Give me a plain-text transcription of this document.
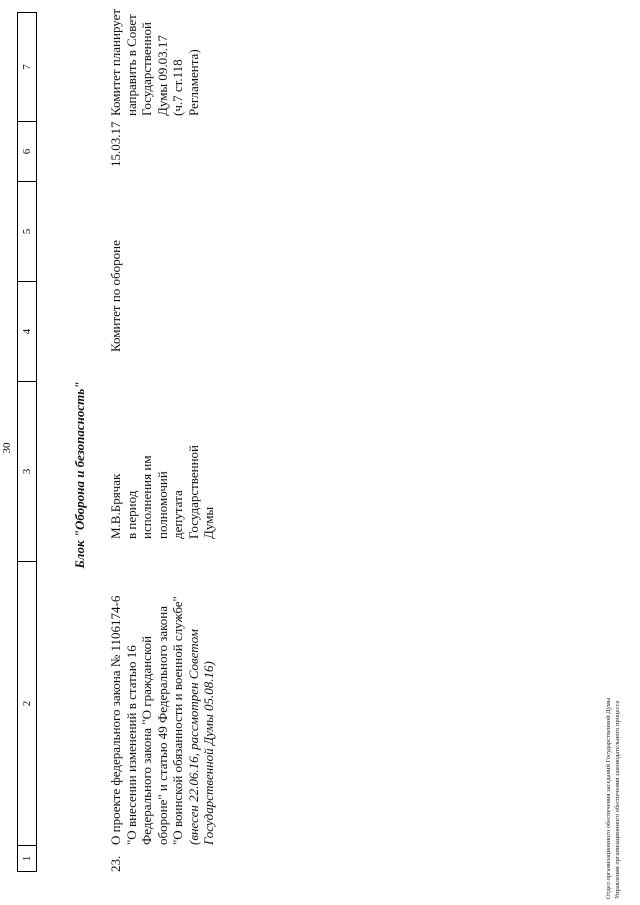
30
1
2
3
4
5
6
7
Блок "Оборона и безопасность"
23.
О проекте федерального закона № 1106174-6 "О внесении изменений в статью 16 Федерального закона "О гражданской обороне" и статью 49 Федерального закона "О воинской обязанности и военной службе" (внесен 22.06.16, рассмотрен Советом Государственной Думы 05.08.16)
М.В.Брячак в период исполнения им полномочий депутата Государственной Думы
Комитет по обороне
15.03.17
Комитет планирует направить в Совет Государственной Думы 09.03.17 (ч.7 ст.118 Регламента)
Отдел организационного обеспечения заседаний Государственной Думы Управления организационного обеспечения законодательного процесса
